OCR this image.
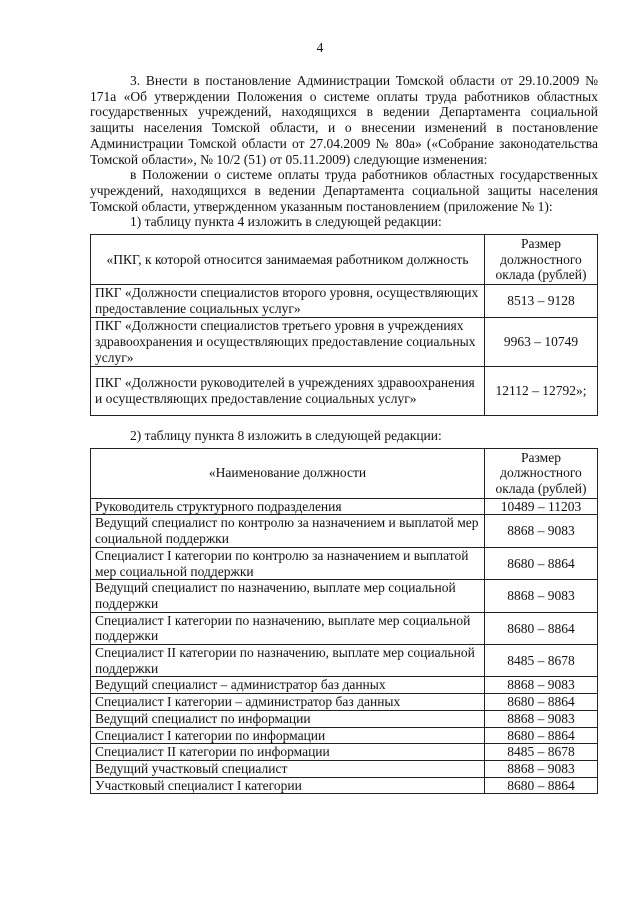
4

3. Внести в постановление Администрации Томской области от 29.10.2009 № 171а «Об утверждении Положения о системе оплаты труда работников областных государственных учреждений, находящихся в ведении Департамента социальной защиты населения Томской области, и о внесении изменений в постановление Администрации Томской области от 27.04.2009 № 80а» («Собрание законодательства Томской области», № 10/2 (51) от 05.11.2009) следующие изменения:

в Положении о системе оплаты труда работников областных государственных учреждений, находящихся в ведении Департамента социальной защиты населения Томской области, утвержденном указанным постановлением (приложение № 1):

1) таблицу пункта 4 изложить в следующей редакции:

«ПКГ, к которой относится занимаемая работником должность	Размер должностного оклада (рублей)
ПКГ «Должности специалистов второго уровня, осуществляющих предоставление социальных услуг»	8513 – 9128
ПКГ «Должности специалистов третьего уровня в учреждениях здравоохранения и осуществляющих предоставление социальных услуг»	9963 – 10749
ПКГ «Должности руководителей в учреждениях здравоохранения и осуществляющих предоставление социальных услуг»	12112 – 12792»;

2) таблицу пункта 8 изложить в следующей редакции:

«Наименование должности	Размер должностного оклада (рублей)
Руководитель структурного подразделения	10489 – 11203
Ведущий специалист по контролю за назначением и выплатой мер социальной поддержки	8868 – 9083
Специалист I категории по контролю за назначением и выплатой мер социальной поддержки	8680 – 8864
Ведущий специалист по назначению, выплате мер социальной поддержки	8868 – 9083
Специалист I категории по назначению, выплате мер социальной поддержки	8680 – 8864
Специалист II категории по назначению, выплате мер социальной поддержки	8485 – 8678
Ведущий специалист – администратор баз данных	8868 – 9083
Специалист I категории – администратор баз данных	8680 – 8864
Ведущий специалист по информации	8868 – 9083
Специалист I категории по информации	8680 – 8864
Специалист II категории по информации	8485 – 8678
Ведущий участковый специалист	8868 – 9083
Участковый специалист I категории	8680 – 8864
